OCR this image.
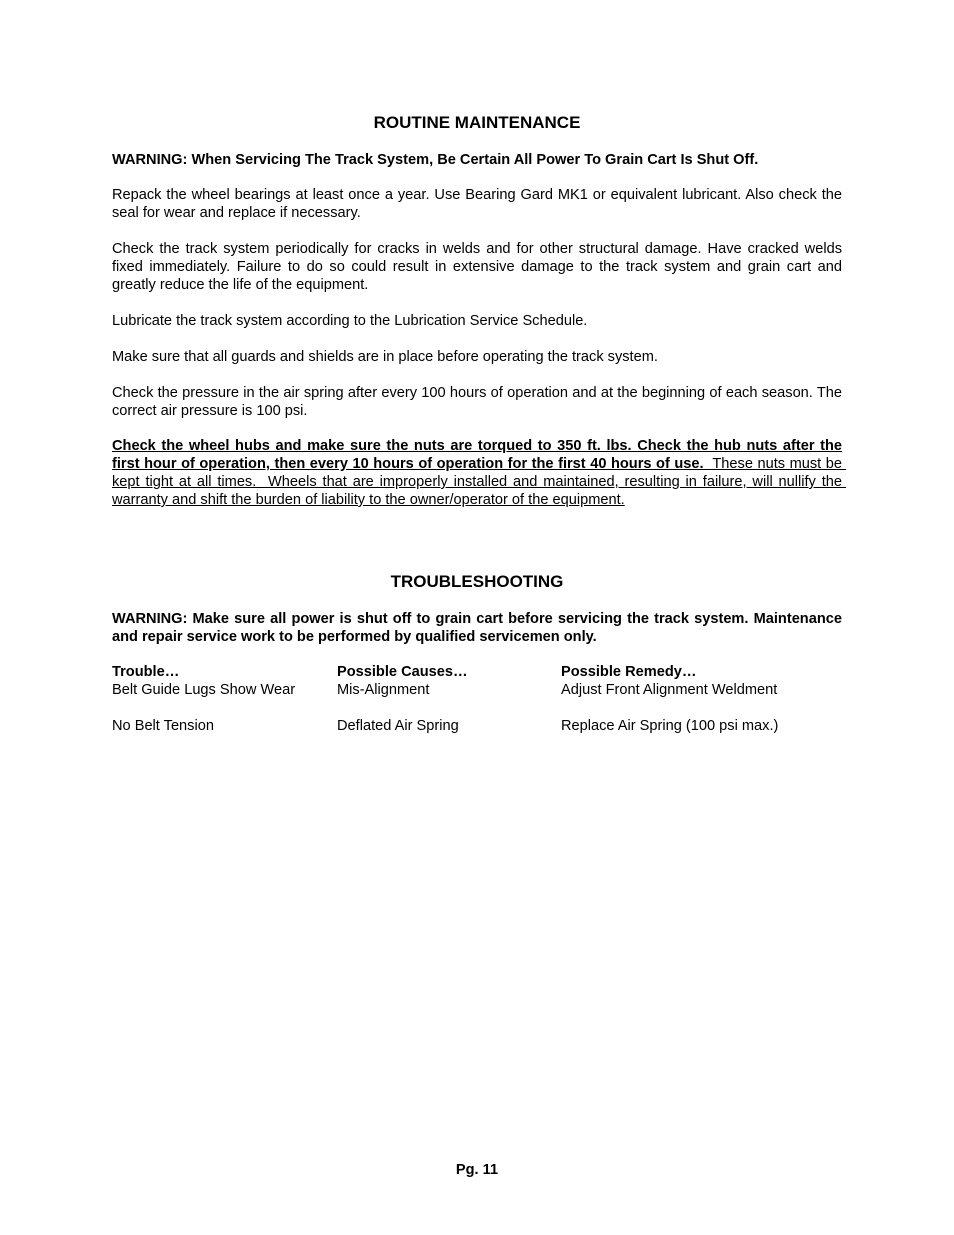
ROUTINE MAINTENANCE

WARNING: When Servicing The Track System, Be Certain All Power To Grain Cart Is Shut Off.

Repack the wheel bearings at least once a year. Use Bearing Gard MK1 or equivalent lubricant. Also check the seal for wear and replace if necessary.

Check the track system periodically for cracks in welds and for other structural damage. Have cracked welds fixed immediately. Failure to do so could result in extensive damage to the track system and grain cart and greatly reduce the life of the equipment.

Lubricate the track system according to the Lubrication Service Schedule.

Make sure that all guards and shields are in place before operating the track system.

Check the pressure in the air spring after every 100 hours of operation and at the beginning of each season. The correct air pressure is 100 psi.

Check the wheel hubs and make sure the nuts are torqued to 350 ft. lbs. Check the hub nuts after the first hour of operation, then every 10 hours of operation for the first 40 hours of use.  These nuts must be kept tight at all times.  Wheels that are improperly installed and maintained, resulting in failure, will nullify the warranty and shift the burden of liability to the owner/operator of the equipment.

TROUBLESHOOTING

WARNING: Make sure all power is shut off to grain cart before servicing the track system. Maintenance and repair service work to be performed by qualified servicemen only.

Trouble…	Possible Causes…	Possible Remedy…
Belt Guide Lugs Show Wear	Mis-Alignment	Adjust Front Alignment Weldment
No Belt Tension	Deflated Air Spring	Replace Air Spring (100 psi max.)
Pg. 11
